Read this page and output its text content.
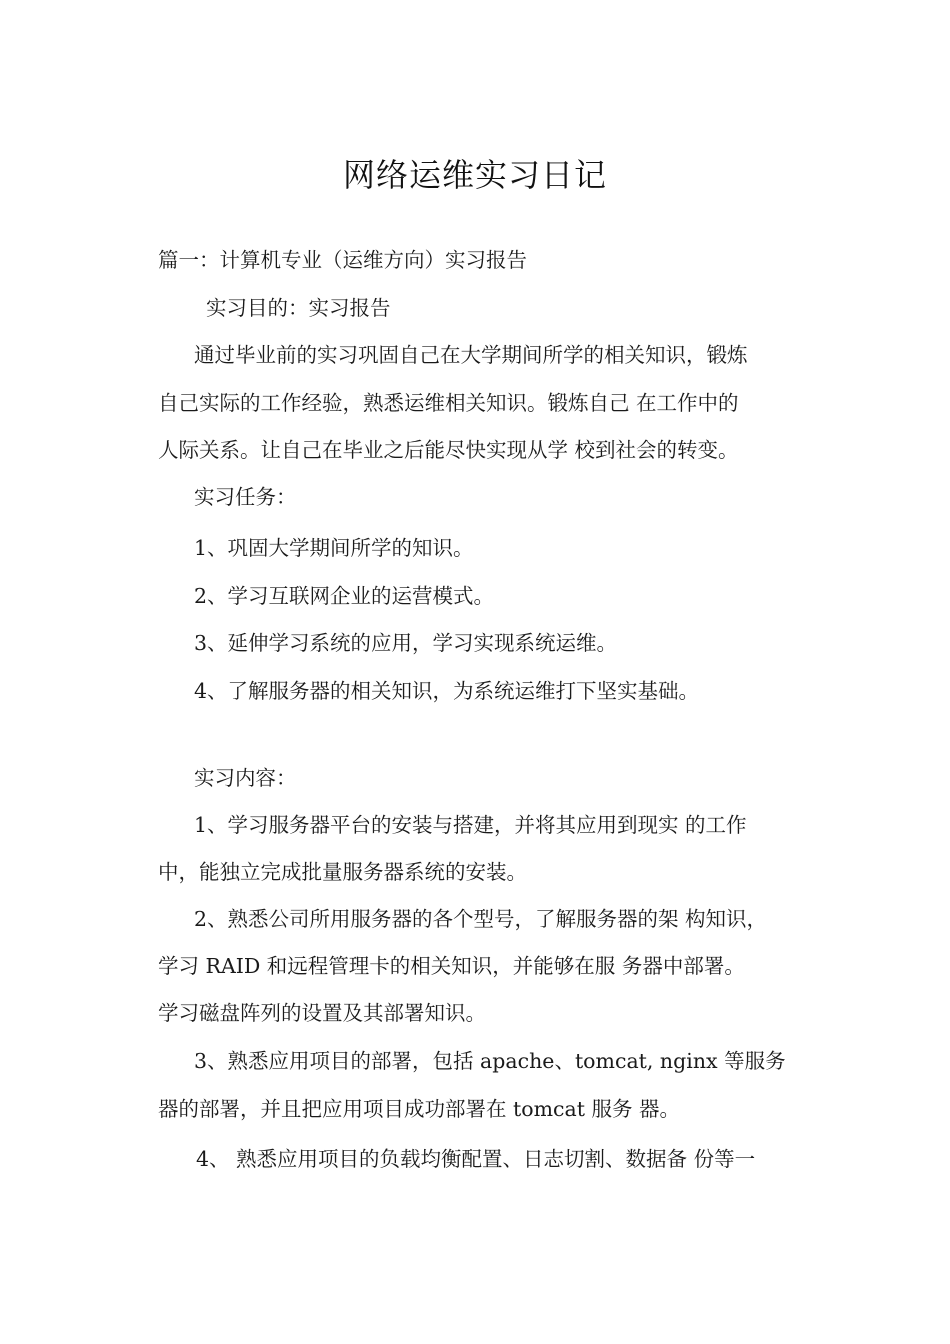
网络运维实习日记
篇一：计算机专业（运维方向）实习报告
实习目的：实习报告
通过毕业前的实习巩固自己在大学期间所学的相关知识，锻炼
自己实际的工作经验，熟悉运维相关知识。锻炼自己 在工作中的
人际关系。让自己在毕业之后能尽快实现从学 校到社会的转变。
实习任务：
1、巩固大学期间所学的知识。
2、学习互联网企业的运营模式。
3、延伸学习系统的应用，学习实现系统运维。
4、了解服务器的相关知识，为系统运维打下坚实基础。
实习内容：
1、学习服务器平台的安装与搭建，并将其应用到现实 的工作
中，能独立完成批量服务器系统的安装。
2、熟悉公司所用服务器的各个型号，了解服务器的架 构知识，
学习 RAID 和远程管理卡的相关知识，并能够在服 务器中部署。
学习磁盘阵列的设置及其部署知识。
3、熟悉应用项目的部署，包括 apache、tomcat, nginx 等服务
器的部署，并且把应用项目成功部署在 tomcat 服务 器。
4、 熟悉应用项目的负载均衡配置、日志切割、数据备 份等一
